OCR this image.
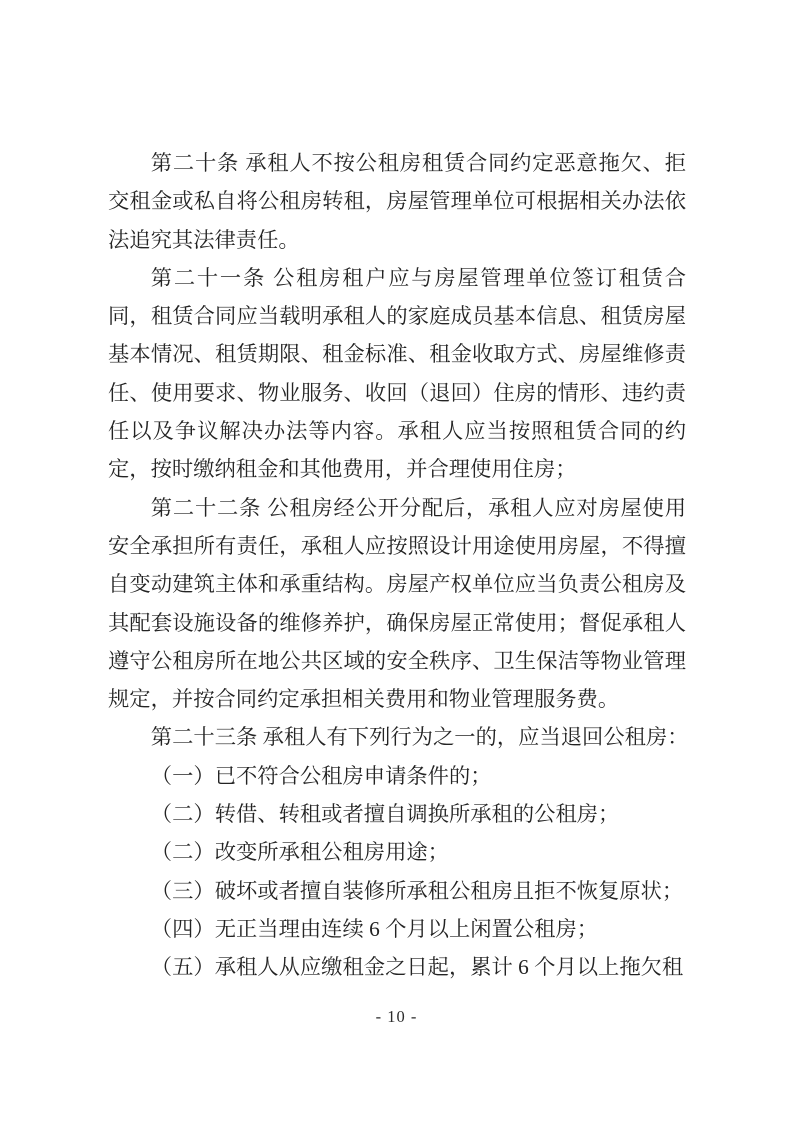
第二十条 承租人不按公租房租赁合同约定恶意拖欠、拒
交租金或私自将公租房转租，房屋管理单位可根据相关办法依
法追究其法律责任。
第二十一条 公租房租户应与房屋管理单位签订租赁合
同，租赁合同应当载明承租人的家庭成员基本信息、租赁房屋
基本情况、租赁期限、租金标准、租金收取方式、房屋维修责
任、使用要求、物业服务、收回（退回）住房的情形、违约责
任以及争议解决办法等内容。承租人应当按照租赁合同的约
定，按时缴纳租金和其他费用，并合理使用住房；
第二十二条 公租房经公开分配后，承租人应对房屋使用
安全承担所有责任，承租人应按照设计用途使用房屋，不得擅
自变动建筑主体和承重结构。房屋产权单位应当负责公租房及
其配套设施设备的维修养护，确保房屋正常使用；督促承租人
遵守公租房所在地公共区域的安全秩序、卫生保洁等物业管理
规定，并按合同约定承担相关费用和物业管理服务费。
第二十三条 承租人有下列行为之一的，应当退回公租房：
（一）已不符合公租房申请条件的；
（二）转借、转租或者擅自调换所承租的公租房；
（二）改变所承租公租房用途；
（三）破坏或者擅自装修所承租公租房且拒不恢复原状；
（四）无正当理由连续 6 个月以上闲置公租房；
（五）承租人从应缴租金之日起，累计 6 个月以上拖欠租
- 10 -
